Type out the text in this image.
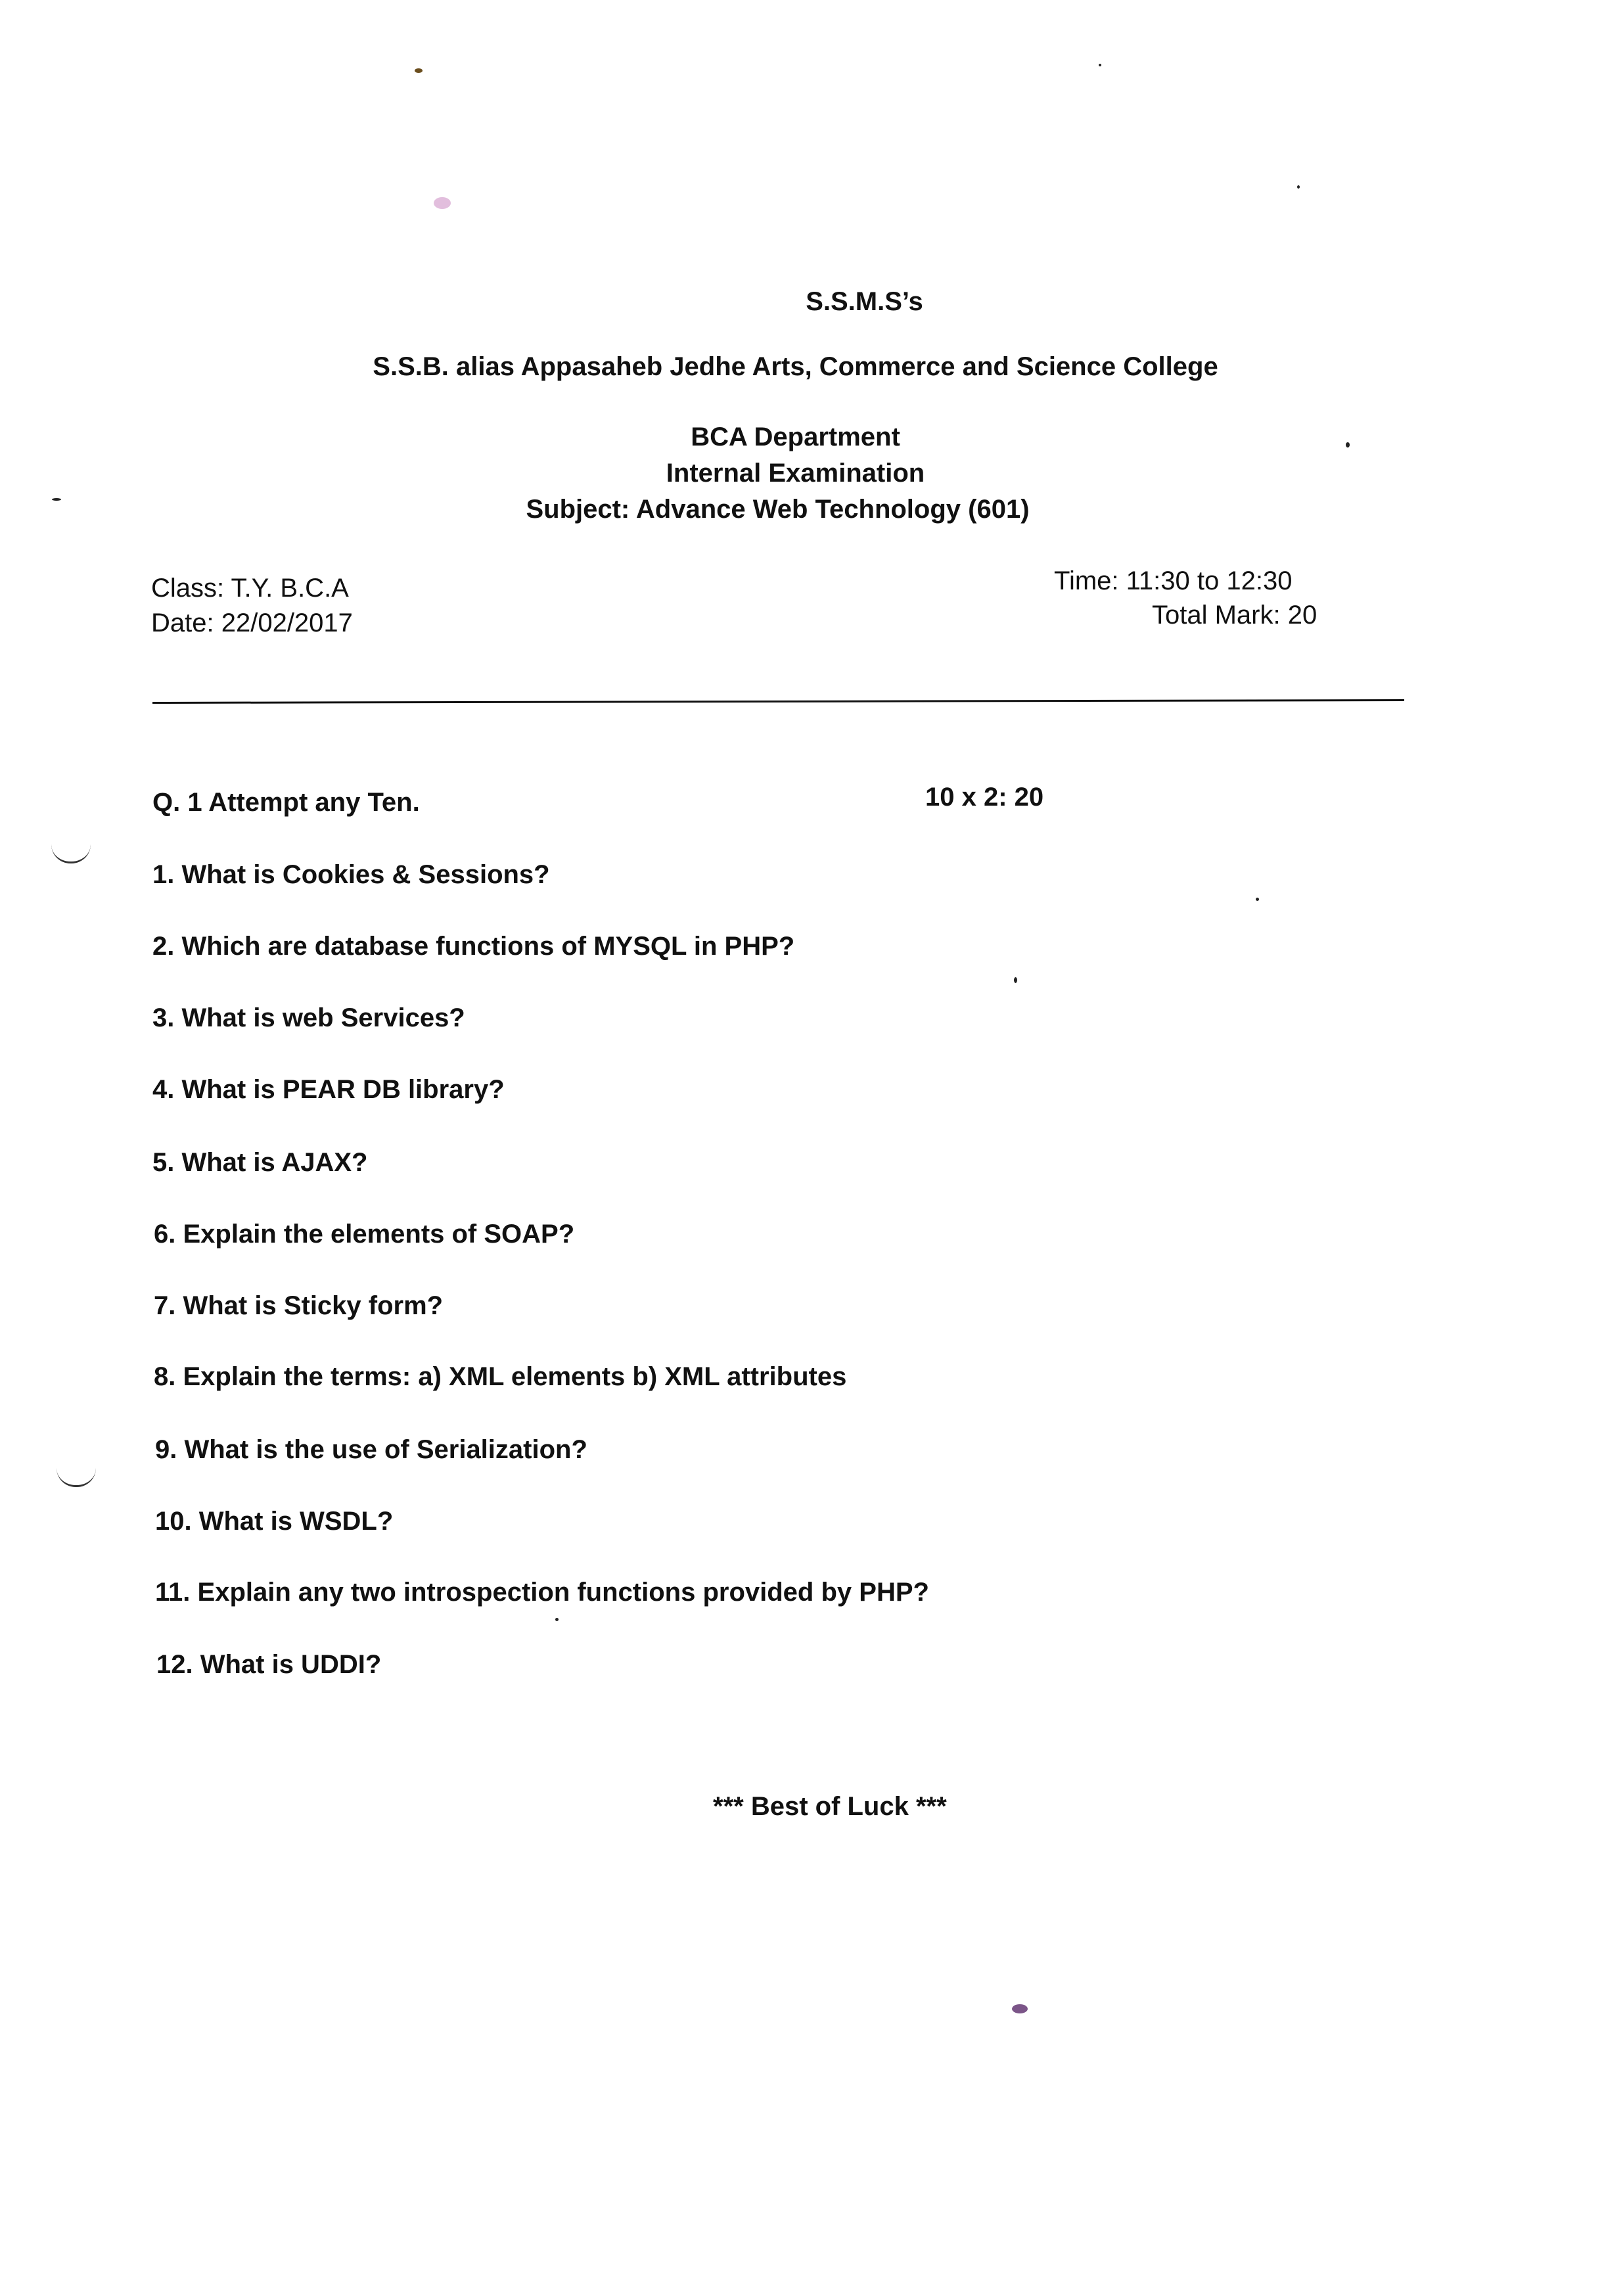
S.S.M.S’s
S.S.B. alias Appasaheb Jedhe Arts, Commerce and Science College
BCA Department
Internal Examination
Subject: Advance Web Technology (601)
Class: T.Y. B.C.A
Date: 22/02/2017
Time: 11:30 to 12:30
Total Mark: 20
Q. 1 Attempt any Ten.	10 x 2: 20
1. What is Cookies & Sessions?
2. Which are database functions of MYSQL in PHP?
3. What is web Services?
4. What is PEAR DB library?
5. What is AJAX?
6. Explain the elements of SOAP?
7. What is Sticky form?
8. Explain the terms: a) XML elements b) XML attributes
9. What is the use of Serialization?
10. What is WSDL?
11. Explain any two introspection functions provided by PHP?
12. What is UDDI?
*** Best of Luck ***
